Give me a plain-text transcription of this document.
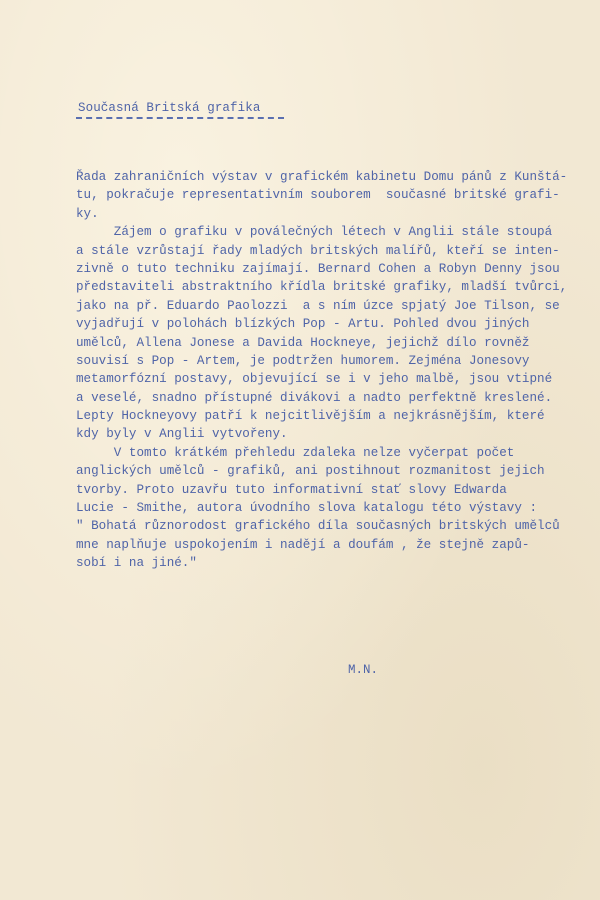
Současná Britská grafika
Řada zahraničních výstav v grafickém kabinetu Domu pánů z Kunštá-
tu, pokračuje representativním souborem  současné britské grafi-
ky.
Zájem o grafiku v poválečných létech v Anglii stále stoupá
a stále vzrůstají řady mladých britských malířů, kteří se inten-
zivně o tuto techniku zajímají. Bernard Cohen a Robyn Denny jsou
představiteli abstraktního křídla britské grafiky, mladší tvůrci,
jako na př. Eduardo Paolozzi  a s ním úzce spjatý Joe Tilson, se
vyjadřují v polohách blízkých Pop - Artu. Pohled dvou jiných
umělců, Allena Jonese a Davida Hockneye, jejichž dílo rovněž
souvisí s Pop - Artem, je podtržen humorem. Zejména Jonesovy
metamorfózní postavy, objevující se i v jeho malbě, jsou vtipné
a veselé, snadno přístupné divákovi a nadto perfektně kreslené.
Lepty Hockneyovy patří k nejcitlivějším a nejkrásnějším, které
kdy byly v Anglii vytvořeny.
V tomto krátkém přehledu zdaleka nelze vyčerpat počet
anglických umělců - grafiků, ani postihnout rozmanitost jejich
tvorby. Proto uzavřu tuto informativní stať slovy Edwarda
Lucie - Smithe, autora úvodního slova katalogu této výstavy :
" Bohatá různorodost grafického díla současných britských umělců
mne naplňuje uspokojením i nadějí a doufám , že stejně zapů-
sobí i na jiné."
M.N.
